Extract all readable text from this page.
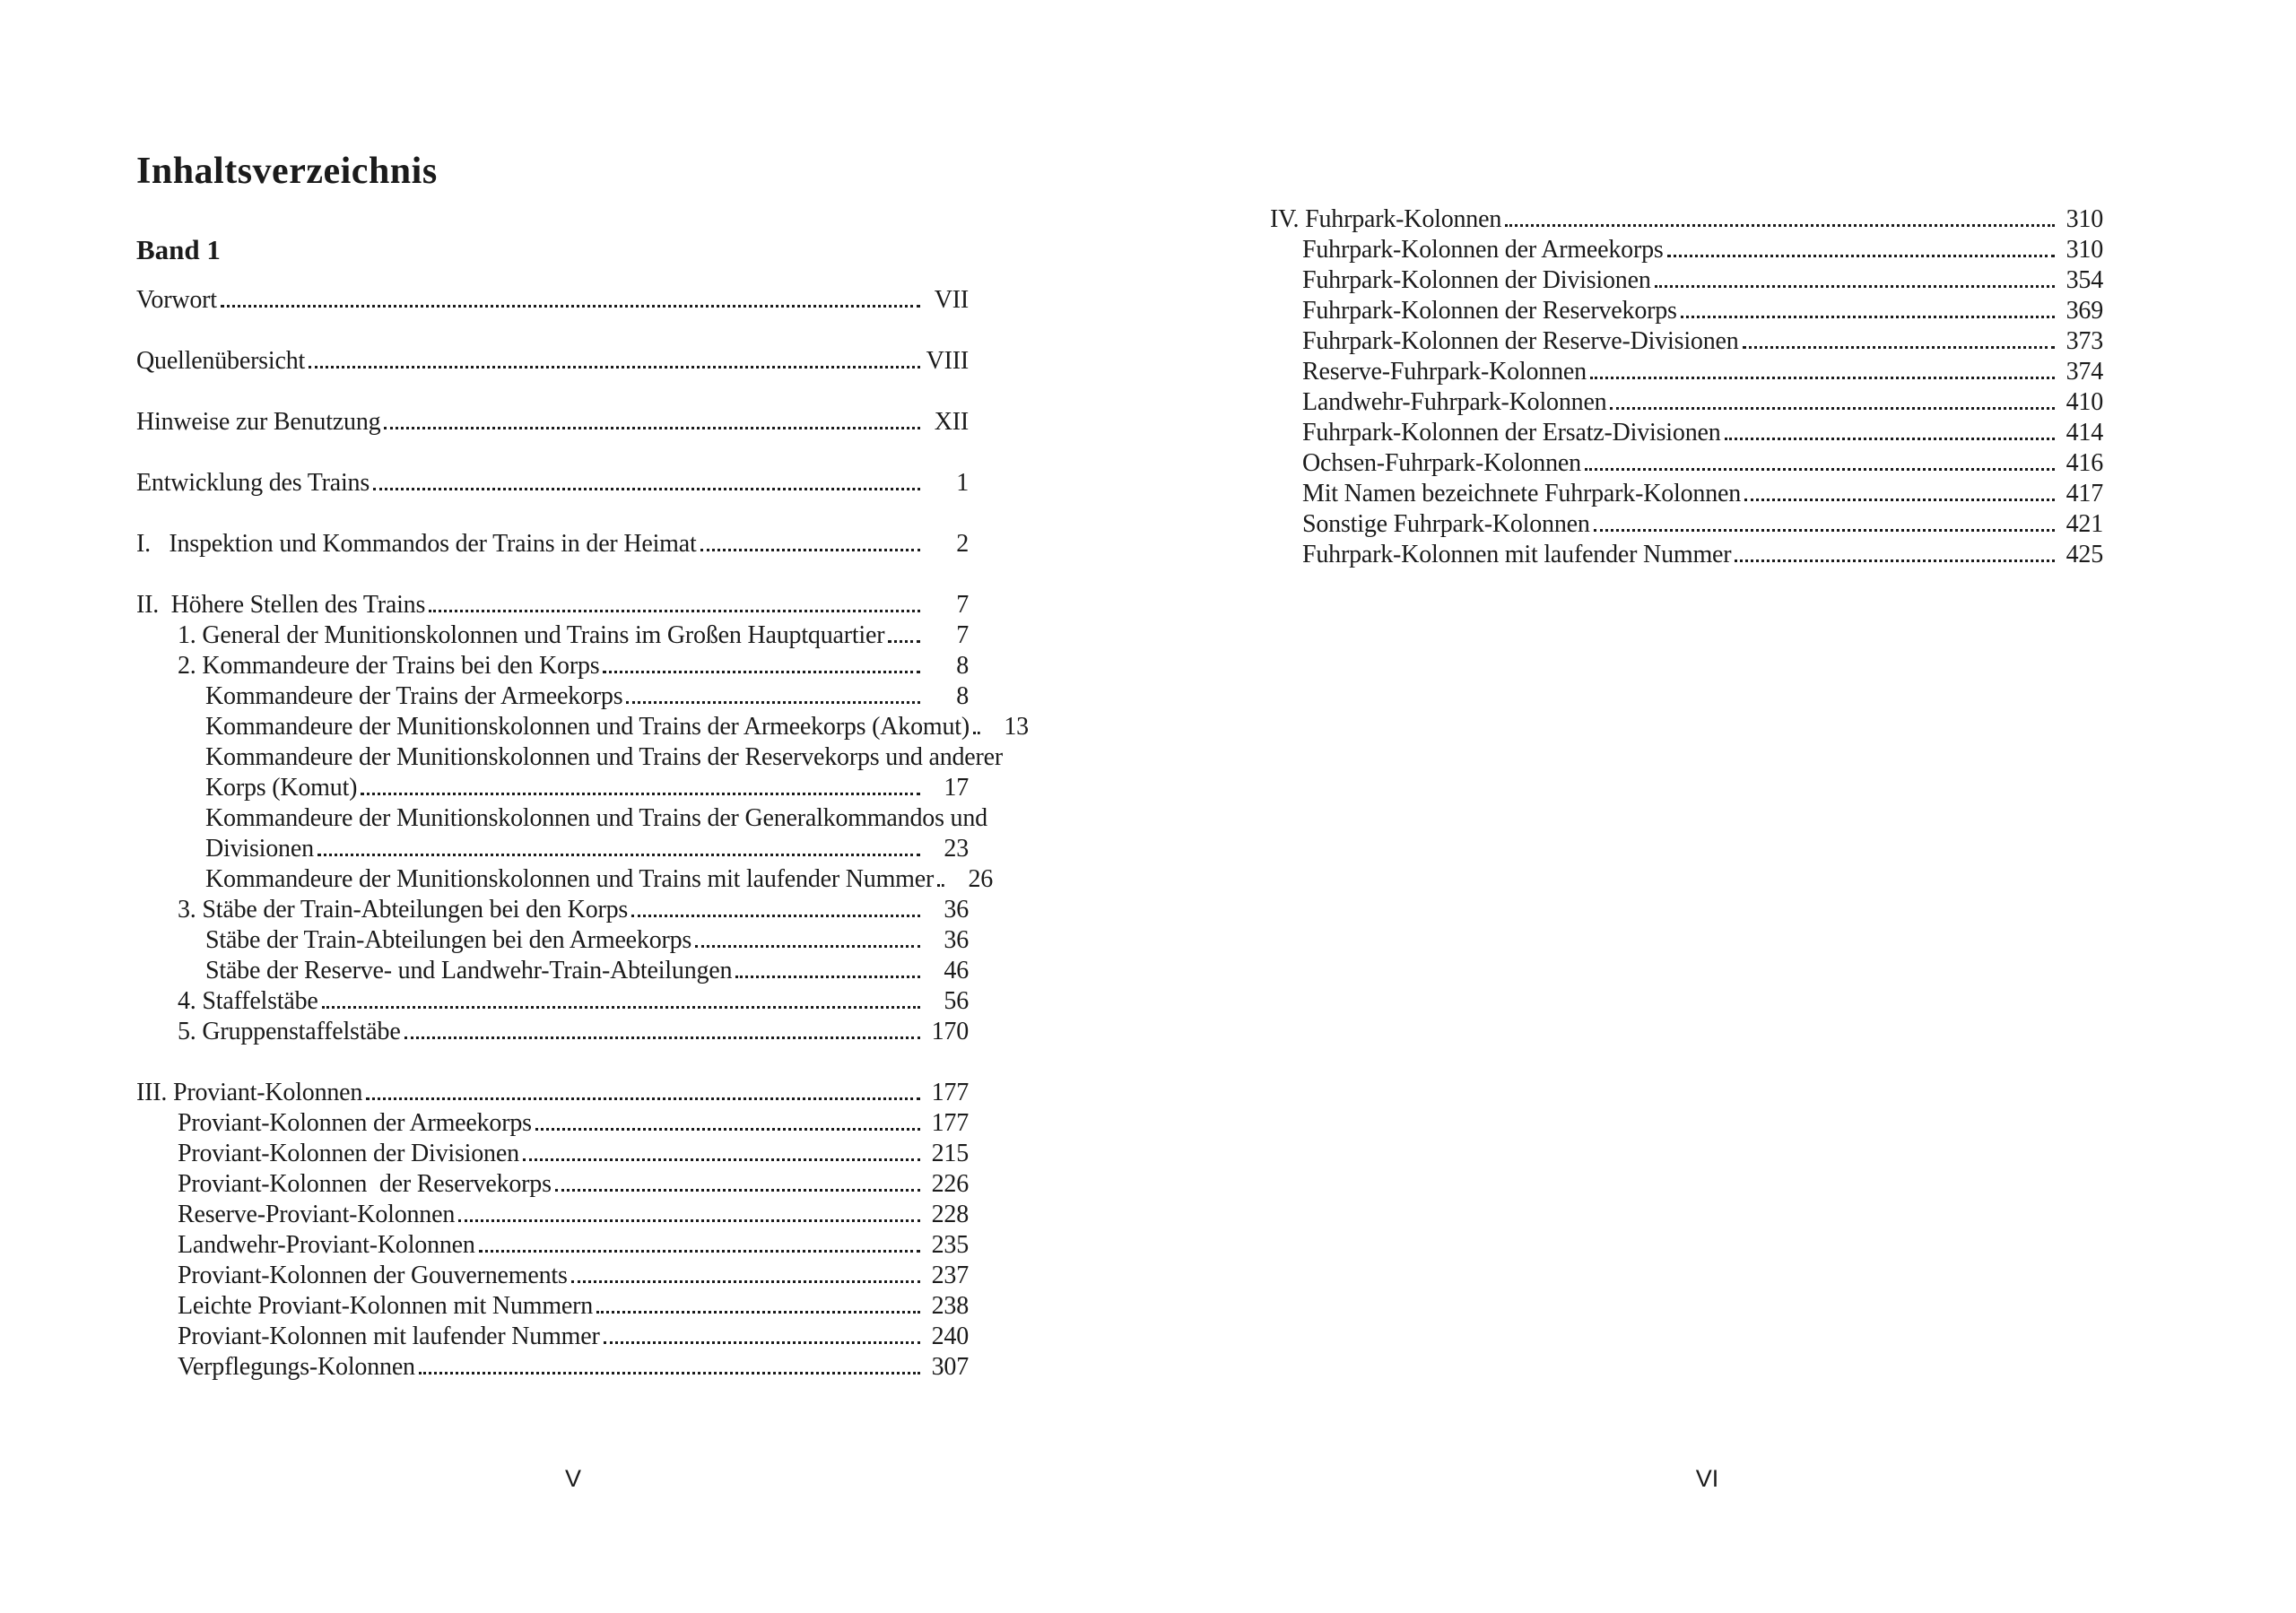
Inhaltsverzeichnis
Band 1
Vorwort	VII
Quellenübersicht	VIII
Hinweise zur Benutzung	XII
Entwicklung des Trains	1
I.   Inspektion und Kommandos der Trains in der Heimat	2
II.  Höhere Stellen des Trains	7
1. General der Munitionskolonnen und Trains im Großen Hauptquartier	7
2. Kommandeure der Trains bei den Korps	8
Kommandeure der Trains der Armeekorps	8
Kommandeure der Munitionskolonnen und Trains der Armeekorps (Akomut)	13
Kommandeure der Munitionskolonnen und Trains der Reservekorps und anderer
Korps (Komut)	17
Kommandeure der Munitionskolonnen und Trains der Generalkommandos und
Divisionen	23
Kommandeure der Munitionskolonnen und Trains mit laufender Nummer	26
3. Stäbe der Train-Abteilungen bei den Korps	36
Stäbe der Train-Abteilungen bei den Armeekorps	36
Stäbe der Reserve- und Landwehr-Train-Abteilungen	46
4. Staffelstäbe	56
5. Gruppenstaffelstäbe	170
III. Proviant-Kolonnen	177
Proviant-Kolonnen der Armeekorps	177
Proviant-Kolonnen der Divisionen	215
Proviant-Kolonnen  der Reservekorps	226
Reserve-Proviant-Kolonnen	228
Landwehr-Proviant-Kolonnen	235
Proviant-Kolonnen der Gouvernements	237
Leichte Proviant-Kolonnen mit Nummern	238
Proviant-Kolonnen mit laufender Nummer	240
Verpflegungs-Kolonnen	307
IV. Fuhrpark-Kolonnen	310
Fuhrpark-Kolonnen der Armeekorps	310
Fuhrpark-Kolonnen der Divisionen	354
Fuhrpark-Kolonnen der Reservekorps	369
Fuhrpark-Kolonnen der Reserve-Divisionen	373
Reserve-Fuhrpark-Kolonnen	374
Landwehr-Fuhrpark-Kolonnen	410
Fuhrpark-Kolonnen der Ersatz-Divisionen	414
Ochsen-Fuhrpark-Kolonnen	416
Mit Namen bezeichnete Fuhrpark-Kolonnen	417
Sonstige Fuhrpark-Kolonnen	421
Fuhrpark-Kolonnen mit laufender Nummer	425
V	VI
